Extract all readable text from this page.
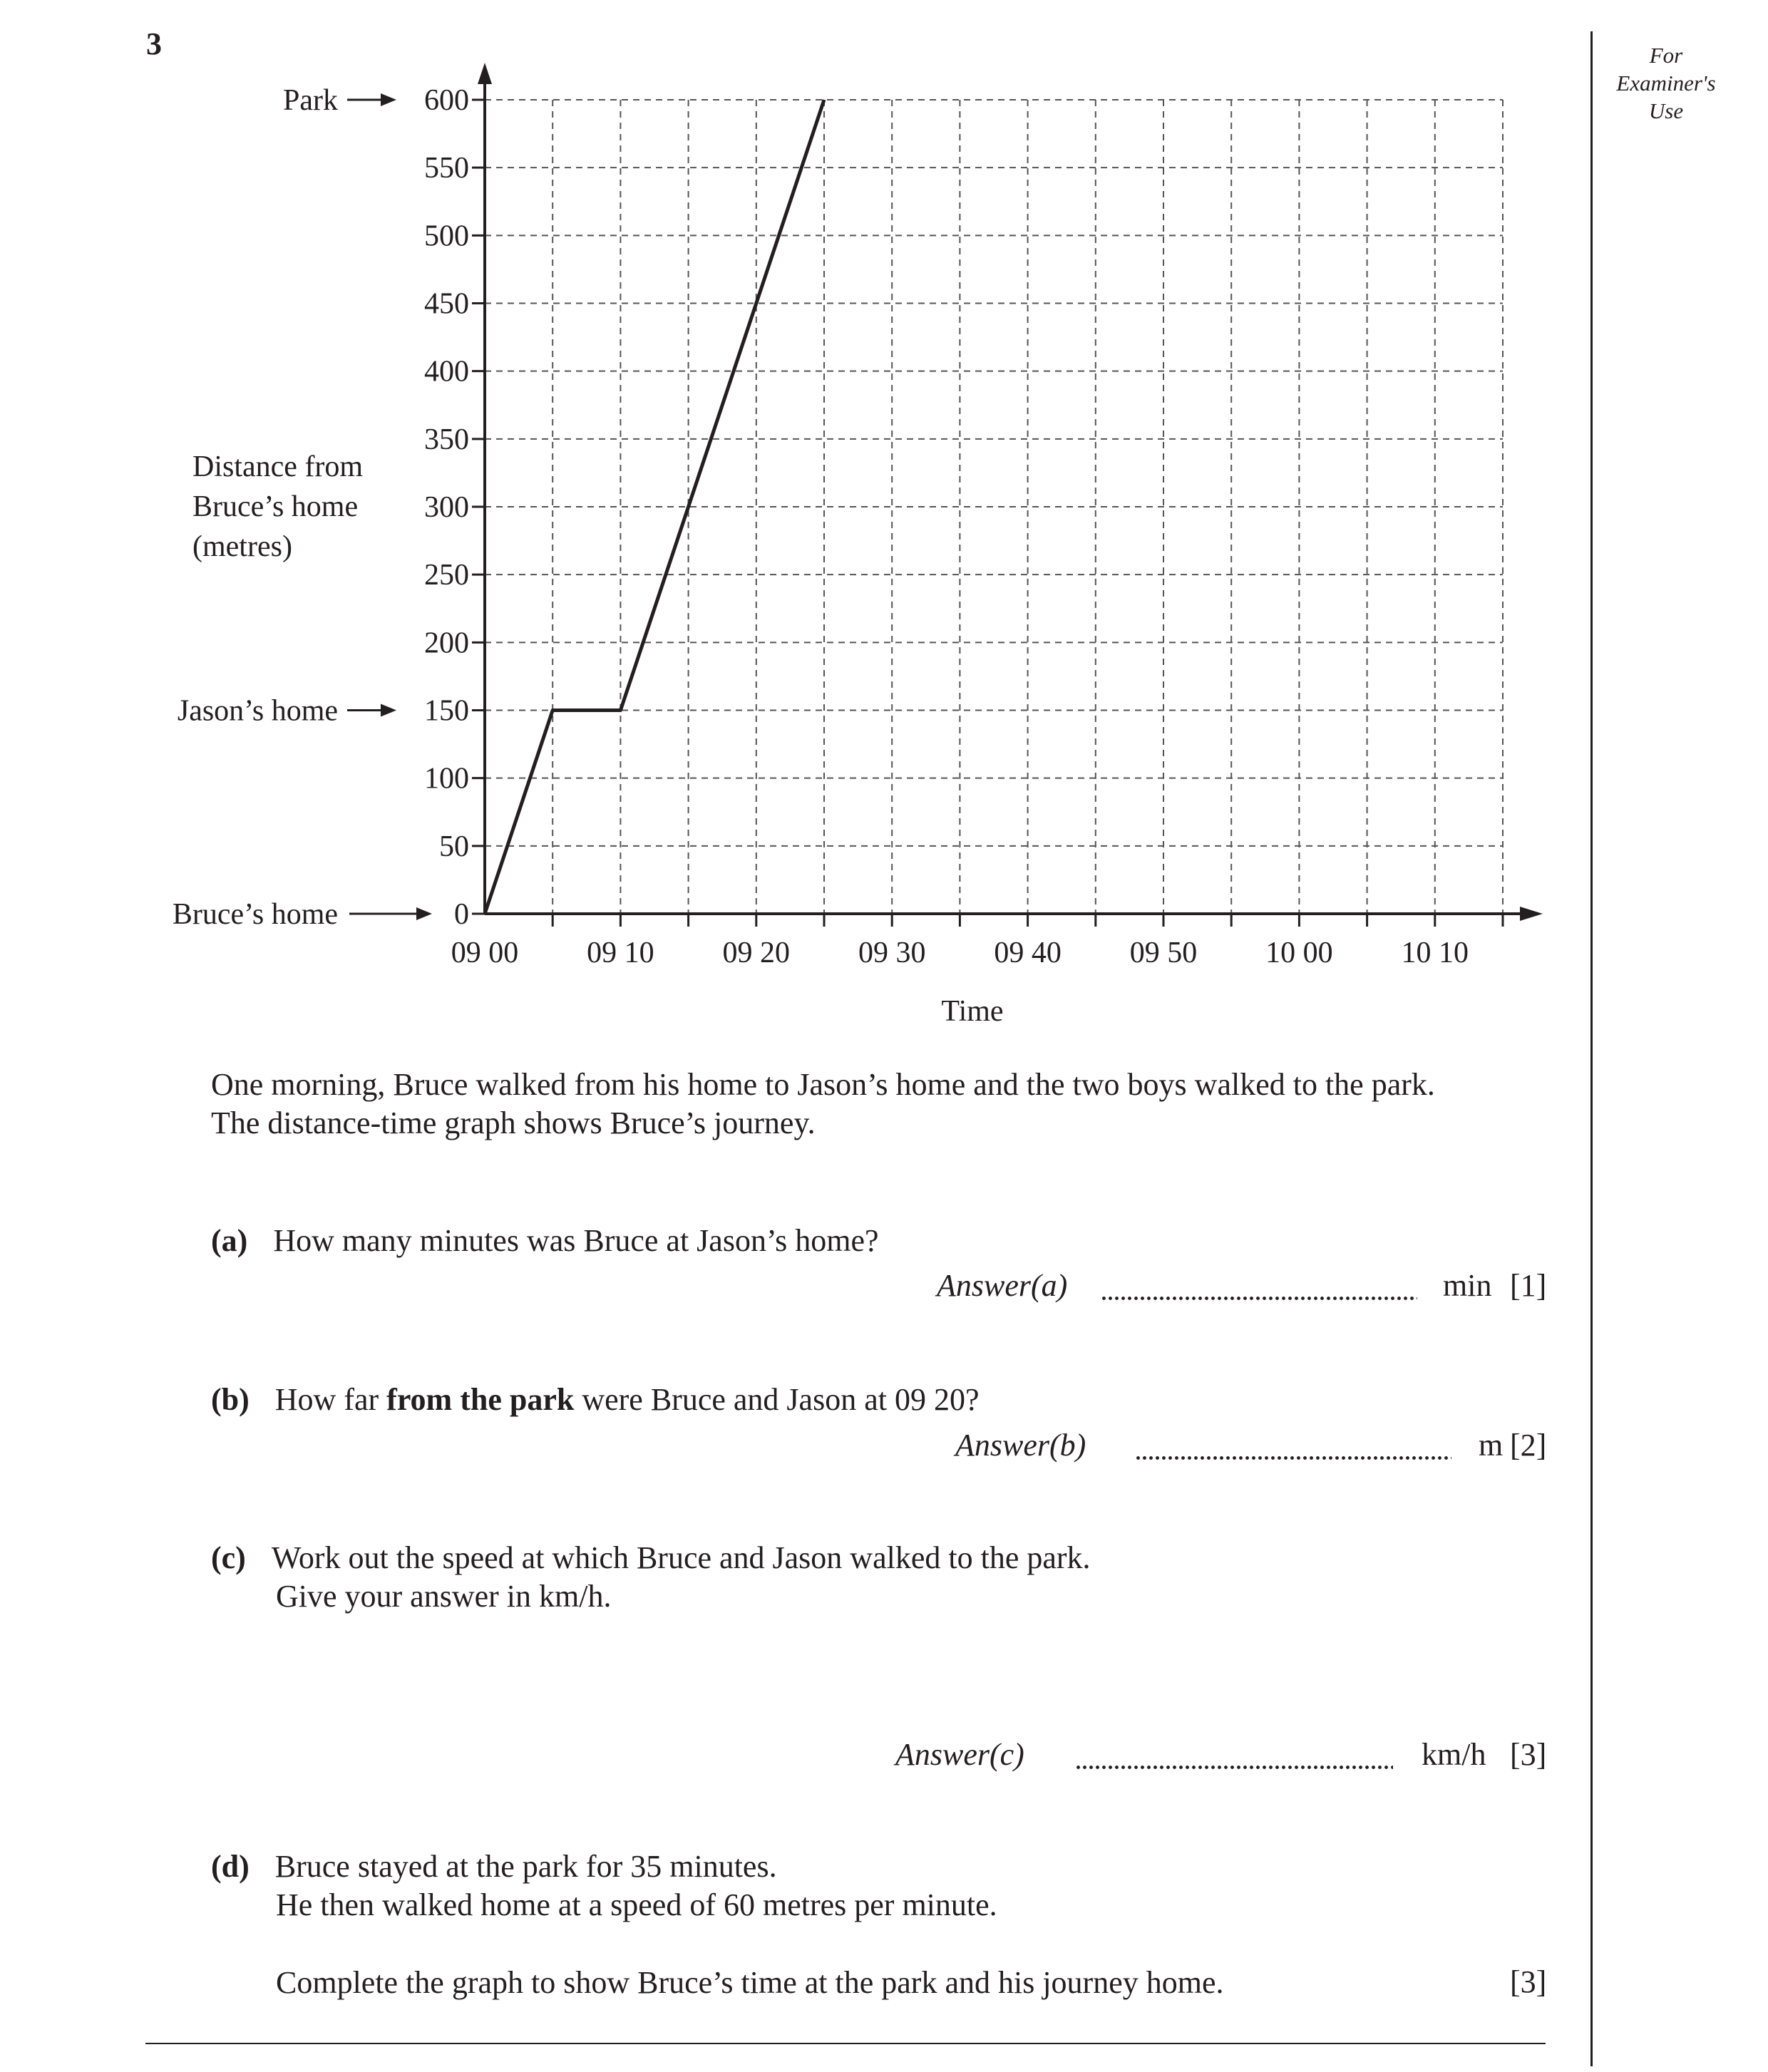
3	For
Examiner's
Use
0
50
100
150
200
250
300
350
400
450
500
550
600
09 00 09 10 09 20 09 30 09 40 09 50 10 00 10 10
Park
Jason’s home
Bruce’s home
Distance from
Bruce’s home
(metres)
Time
One morning, Bruce walked from his home to Jason’s home and the two boys walked to the park.
The distance-time graph shows Bruce’s journey.
(a) How many minutes was Bruce at Jason’s home?
Answer(a)	min [1]
(b) How far from the park were Bruce and Jason at 09 20?
Answer(b)	m [2]
(c) Work out the speed at which Bruce and Jason walked to the park.
Give your answer in km/h.
Answer(c)	km/h [3]
(d) Bruce stayed at the park for 35 minutes.
He then walked home at a speed of 60 metres per minute.
Complete the graph to show Bruce’s time at the park and his journey home.	[3]
